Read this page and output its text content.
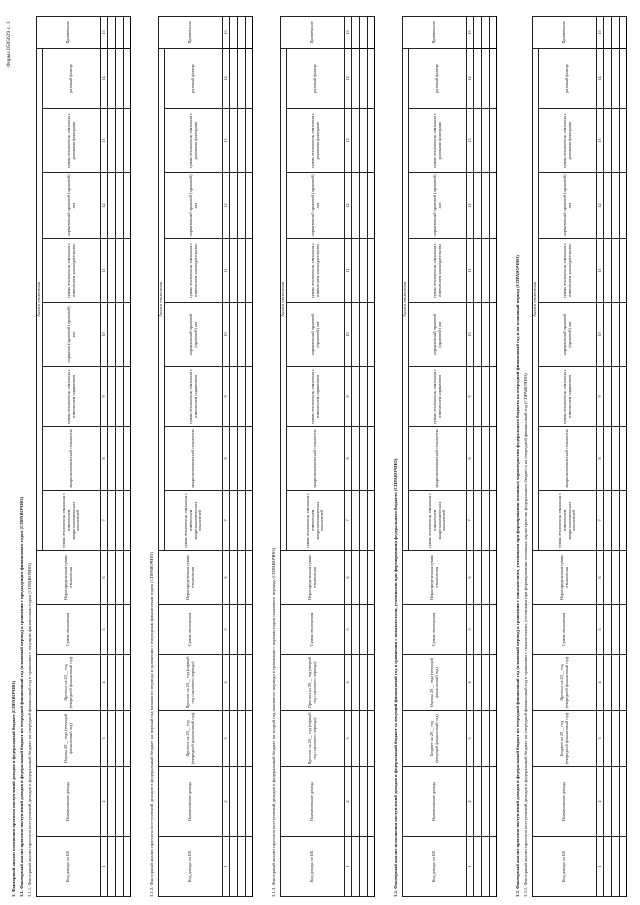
Форма 0505629 с. 3
3. Факторный анализ изменения прогноза поступлений доходов в федеральный бюджет (СПРАВОЧНО) 3.1. Факторный анализ прогноза поступлений доходов в федеральный бюджет на очередной финансовый год (плановый период) в сравнении с предыдущим финансовым годом (СПРАВОЧНО) 3.1.1. Факторный анализ прогноза поступлений доходов в федеральный бюджет на очередной финансовый год в сравнении с текущим финансовым годом (СПРАВОЧНО)	Код дохода по БК	Наименование дохода	Оценка 20__ года (текущий финансовый год)	Прогноз на 20__ год (очередной финансовый год)	Сумма отклонения	Нераспределенная сумма отклонения	Анализ отклонения								Примечание
						сумма отклонения, связанная с изменением макроэкономических показателей	макроэкономический показатель	сумма отклонения, связанная с изменением нормативов	норматив (правовой (правовой) акт	сумма отклонения, связанная с изменением законодательства	нормативный правовой (правовой) акт	сумма отклонения, связанная с разовыми факторами	разовый фактор	
1	2	3	4	5	6	7	8	9	10	11	12	13	14	15

3.1.2. Факторный анализ прогноза поступлений доходов в федеральный бюджет на первый год планового периода в сравнении с очередным финансовым годом (СПРАВОЧНО)	Код дохода по БК	Наименование дохода	Прогноз на 20__ год (очередной финансовый год)	Прогноз на 20__ год (первый год планового периода)	Сумма отклонения	Нераспределенная сумма отклонения	Анализ отклонения								Примечание
						сумма отклонения, связанная с изменением макроэкономических показателей	макроэкономический показатель	сумма отклонения, связанная с изменением нормативов	нормативный правовой (правовой) акт	сумма отклонения, связанная с изменением законодательства	нормативный правовой (правовой) акт	сумма отклонения, связанная с разовыми факторами	разовый фактор	
1	2	3	4	5	6	7	8	9	10	11	12	13	14	15

3.1.3. Факторный анализ прогноза поступлений доходов в федеральный бюджет на второй год планового периода в сравнении с первым годом планового периода (СПРАВОЧНО)	Код дохода по БК	Наименование дохода	Прогноз на 20__ год (первый год планового периода)	Прогноз на 20__ год (второй год планового периода)	Сумма отклонения	Нераспределенная сумма отклонения	Анализ отклонения								Примечание
						сумма отклонения, связанная с изменением макроэкономических показателей	макроэкономический показатель	сумма отклонения, связанная с изменением нормативов	нормативный правовой (правовой) акт	сумма отклонения, связанная с изменением законодательства	нормативный правовой (правовой) акт	сумма отклонения, связанная с разовыми факторами	разовый фактор	
1	2	3	4	5	6	7	8	9	10	11	12	13	14	15

3.2. Факторный анализ исполнения поступлений доходов в федеральный бюджет за текущий финансовый год в сравнении с показателями, учтенными при формировании федерального бюджета (СПРАВОЧНО)	Код дохода по БК	Наименование дохода	Бюджет на 20__ год (текущий финансовый год)	Оценка 20__ года (текущий финансовый год)	Сумма отклонения	Нераспределенная сумма отклонения	Анализ отклонения								Примечание
						сумма отклонения, связанная с изменением макроэкономических показателей	макроэкономический показатель	сумма отклонения, связанная с изменением нормативов	нормативный правовой (правовой) акт	сумма отклонения, связанная с изменением законодательства	нормативный правовой (правовой) акт	сумма отклонения, связанная с разовыми факторами	разовый фактор	
1	2	3	4	5	6	7	8	9	10	11	12	13	14	15

3.3. Факторный анализ прогноза поступлений доходов в федеральный бюджет на очередной финансовый год (плановый период) в сравнении с показателями, учтенными при формировании основных характеристик федерального бюджета на очередной финансовый год и на плановый период (СПРАВОЧНО) 3.3.1. Факторный анализ прогноза поступлений доходов в федеральный бюджет на очередной финансовый год в сравнении с показателями, учтенными при формировании основных характеристик федерального бюджета на очередной финансовый год (СПРАВОЧНО)	Код дохода по БК	Наименование дохода	Бюджет на 20__ год (очередной финансовый год)	Прогноз на 20__ год (очередной финансовый год)	Сумма отклонения	Нераспределенная сумма отклонения	Анализ отклонения								Примечание
						сумма отклонения, связанная с изменением макроэкономических показателей	макроэкономический показатель	сумма отклонения, связанная с изменением нормативов	нормативный правовой (правовой) акт	сумма отклонения, связанная с изменением законодательства	нормативный правовой (правовой) акт	сумма отклонения, связанная с разовыми факторами	разовый фактор	
1	2	3	4	5	6	7	8	9	10	11	12	13	14	15
